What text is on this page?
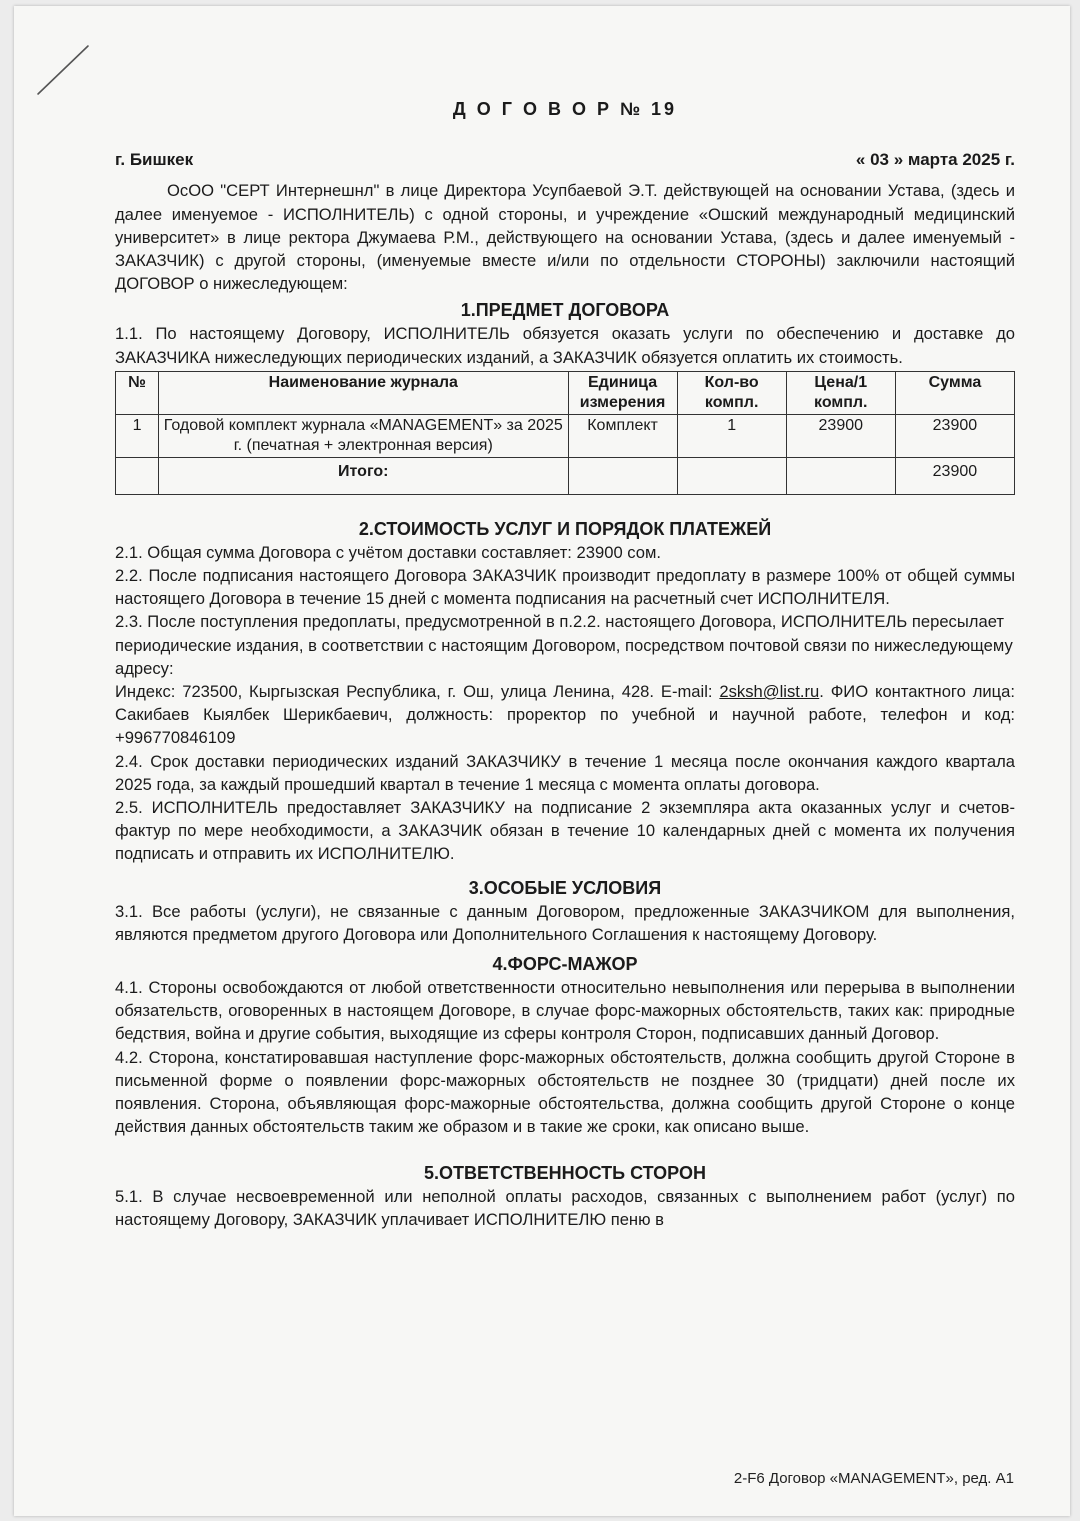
Д О Г О В О Р № 19
г. Бишкек	« 03 » марта 2025 г.

ОсОО "СЕРТ Интернешнл" в лице Директора Усупбаевой Э.Т. действующей на основании Устава, (здесь и далее именуемое - ИСПОЛНИТЕЛЬ) с одной стороны, и учреждение «Ошский международный медицинский университет» в лице ректора Джумаева Р.М., действующего на основании Устава, (здесь и далее именуемый - ЗАКАЗЧИК) с другой стороны, (именуемые вместе и/или по отдельности СТОРОНЫ) заключили настоящий ДОГОВОР о нижеследующем:

1.ПРЕДМЕТ ДОГОВОРА

1.1. По настоящему Договору, ИСПОЛНИТЕЛЬ обязуется оказать услуги по обеспечению и доставке до ЗАКАЗЧИКА нижеследующих периодических изданий, а ЗАКАЗЧИК обязуется оплатить их стоимость.

№	Наименование журнала	Единица измерения	Кол-во компл.	Цена/1 компл.	Сумма
1	Годовой комплект журнала «MANAGEMENT» за 2025 г. (печатная + электронная версия)	Комплект	1	23900	23900
	Итого:				23900
2.СТОИМОСТЬ УСЛУГ И ПОРЯДОК ПЛАТЕЖЕЙ

2.1. Общая сумма Договора с учётом доставки составляет: 23900 сом.

2.2. После подписания настоящего Договора ЗАКАЗЧИК производит предоплату в размере 100% от общей суммы настоящего Договора в течение 15 дней с момента подписания на расчетный счет ИСПОЛНИТЕЛЯ.

2.3. После поступления предоплаты, предусмотренной в п.2.2. настоящего Договора, ИСПОЛНИТЕЛЬ пересылает периодические издания, в соответствии с настоящим Договором, посредством почтовой связи по нижеследующему адресу:

Индекс: 723500, Кыргызская Республика, г. Ош, улица Ленина, 428. E-mail: 2sksh@list.ru. ФИО контактного лица: Сакибаев Кыялбек Шерикбаевич, должность: проректор по учебной и научной работе, телефон и код: +996770846109

2.4. Срок доставки периодических изданий ЗАКАЗЧИКУ в течение 1 месяца после окончания каждого квартала 2025 года, за каждый прошедший квартал в течение 1 месяца с момента оплаты договора.

2.5. ИСПОЛНИТЕЛЬ предоставляет ЗАКАЗЧИКУ на подписание 2 экземпляра акта оказанных услуг и счетов-фактур по мере необходимости, а ЗАКАЗЧИК обязан в течение 10 календарных дней с момента их получения подписать и отправить их ИСПОЛНИТЕЛЮ.

3.ОСОБЫЕ УСЛОВИЯ

3.1. Все работы (услуги), не связанные с данным Договором, предложенные ЗАКАЗЧИКОМ для выполнения, являются предметом другого Договора или Дополнительного Соглашения к настоящему Договору.

4.ФОРС-МАЖОР

4.1. Стороны освобождаются от любой ответственности относительно невыполнения или перерыва в выполнении обязательств, оговоренных в настоящем Договоре, в случае форс-мажорных обстоятельств, таких как: природные бедствия, война и другие события, выходящие из сферы контроля Сторон, подписавших данный Договор.

4.2. Сторона, констатировавшая наступление форс-мажорных обстоятельств, должна сообщить другой Стороне в письменной форме о появлении форс-мажорных обстоятельств не позднее 30 (тридцати) дней после их появления. Сторона, объявляющая форс-мажорные обстоятельства, должна сообщить другой Стороне о конце действия данных обстоятельств таким же образом и в такие же сроки, как описано выше.

5.ОТВЕТСТВЕННОСТЬ СТОРОН

5.1. В случае несвоевременной или неполной оплаты расходов, связанных с выполнением работ (услуг) по настоящему Договору, ЗАКАЗЧИК уплачивает ИСПОЛНИТЕЛЮ пеню в

2-F6 Договор «MANAGEMENT», ред. А1
